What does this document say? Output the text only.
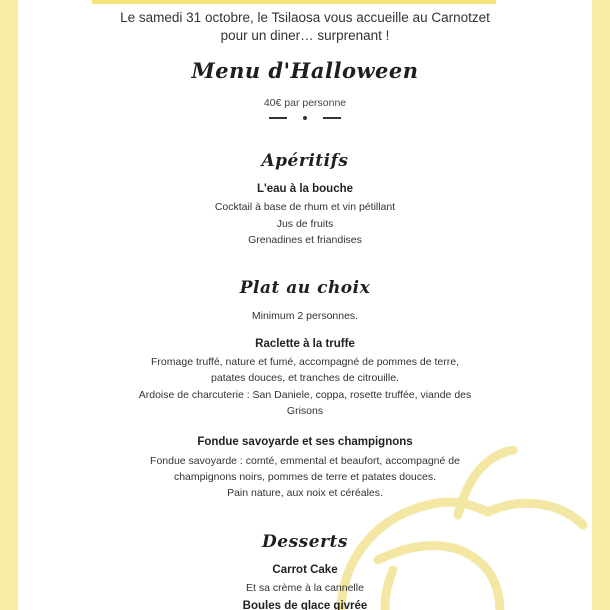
Le samedi 31 octobre, le Tsilaosa vous accueille au Carnotzet
pour un diner… surprenant !
Menu d'Halloween
40€ par personne
Apéritifs
L'eau à la bouche
Cocktail à base de rhum et vin pétillant
Jus de fruits
Grenadines et friandises
Plat au choix
Minimum 2 personnes.
Raclette à la truffe
Fromage truffé, nature et fumé, accompagné de pommes de terre,
patates douces, et tranches de citrouille.
Ardoise de charcuterie : San Daniele, coppa, rosette truffée, viande des
Grisons
Fondue savoyarde et ses champignons
Fondue savoyarde : comté, emmental et beaufort, accompagné de
champignons noirs, pommes de terre et patates douces.
Pain nature, aux noix et céréales.
Desserts
Carrot Cake
Et sa crème à la cannelle
Boules de glace givrée
